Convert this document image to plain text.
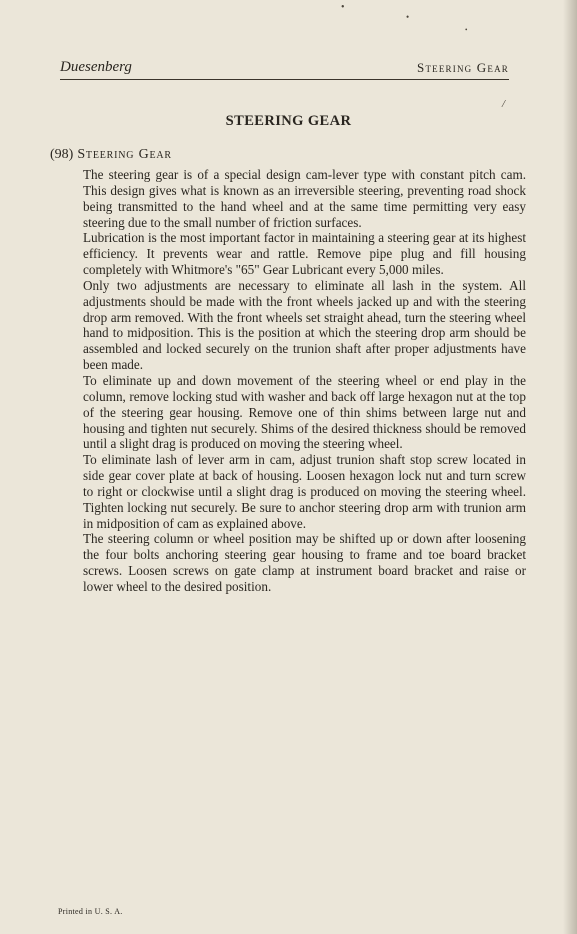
•
•
•
/
Duesenberg	Steering Gear
STEERING GEAR
(98) Steering Gear

The steering gear is of a special design cam-lever type with constant pitch cam. This design gives what is known as an irreversible steering, preventing road shock being transmitted to the hand wheel and at the same time permitting very easy steering due to the small number of friction surfaces.

Lubrication is the most important factor in maintaining a steering gear at its highest efficiency. It prevents wear and rattle. Remove pipe plug and fill housing completely with Whitmore's "65" Gear Lubricant every 5,000 miles.

Only two adjustments are necessary to eliminate all lash in the system. All adjustments should be made with the front wheels jacked up and with the steering drop arm removed. With the front wheels set straight ahead, turn the steering wheel hand to midposition. This is the position at which the steering drop arm should be assembled and locked securely on the trunion shaft after proper adjustments have been made.

To eliminate up and down movement of the steering wheel or end play in the column, remove locking stud with washer and back off large hexagon nut at the top of the steering gear housing. Remove one of thin shims between large nut and housing and tighten nut securely. Shims of the desired thickness should be removed until a slight drag is produced on moving the steering wheel.

To eliminate lash of lever arm in cam, adjust trunion shaft stop screw located in side gear cover plate at back of housing. Loosen hexagon lock nut and turn screw to right or clockwise until a slight drag is produced on moving the steering wheel. Tighten locking nut securely. Be sure to anchor steering drop arm with trunion arm in midposition of cam as explained above.

The steering column or wheel position may be shifted up or down after loosening the four bolts anchoring steering gear housing to frame and toe board bracket screws. Loosen screws on gate clamp at instrument board bracket and raise or lower wheel to the desired position.

Printed in U. S. A.
